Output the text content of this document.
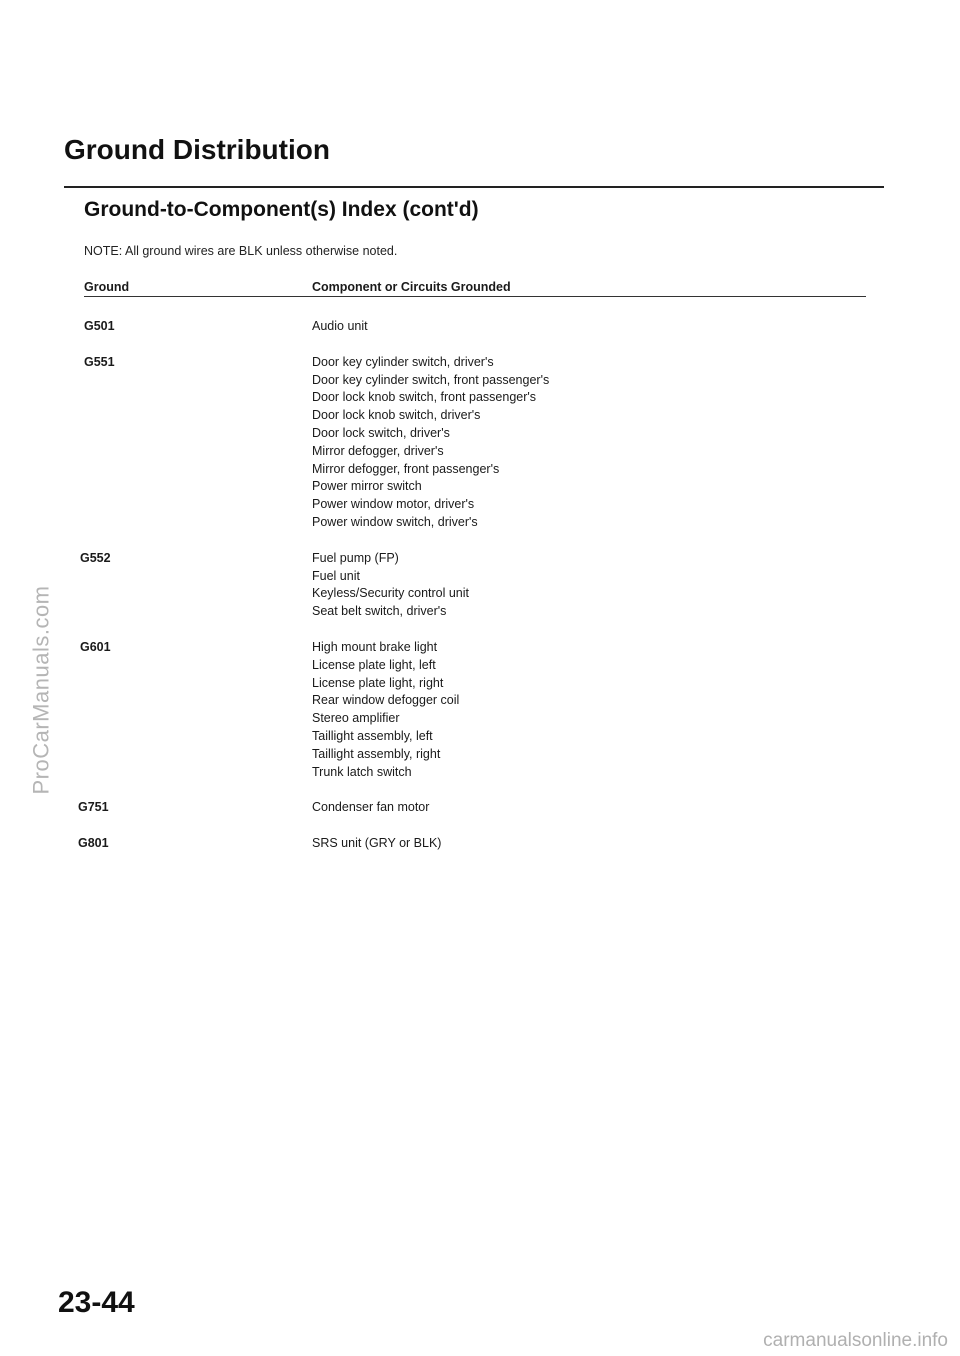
ProCarManuals.com
Ground Distribution
Ground-to-Component(s) Index (cont'd)
NOTE: All ground wires are BLK unless otherwise noted.
Ground	Component or Circuits Grounded
G501	Audio unit
G551	Door key cylinder switch, driver's
Door key cylinder switch, front passenger's
Door lock knob switch, front passenger's
Door lock knob switch, driver's
Door lock switch, driver's
Mirror defogger, driver's
Mirror defogger, front passenger's
Power mirror switch
Power window motor, driver's
Power window switch, driver's
G552	Fuel pump (FP)
Fuel unit
Keyless/Security control unit
Seat belt switch, driver's
G601	High mount brake light
License plate light, left
License plate light, right
Rear window defogger coil
Stereo amplifier
Taillight assembly, left
Taillight assembly, right
Trunk latch switch
G751	Condenser fan motor
G801	SRS unit (GRY or BLK)
23-44
carmanualsonline.info
